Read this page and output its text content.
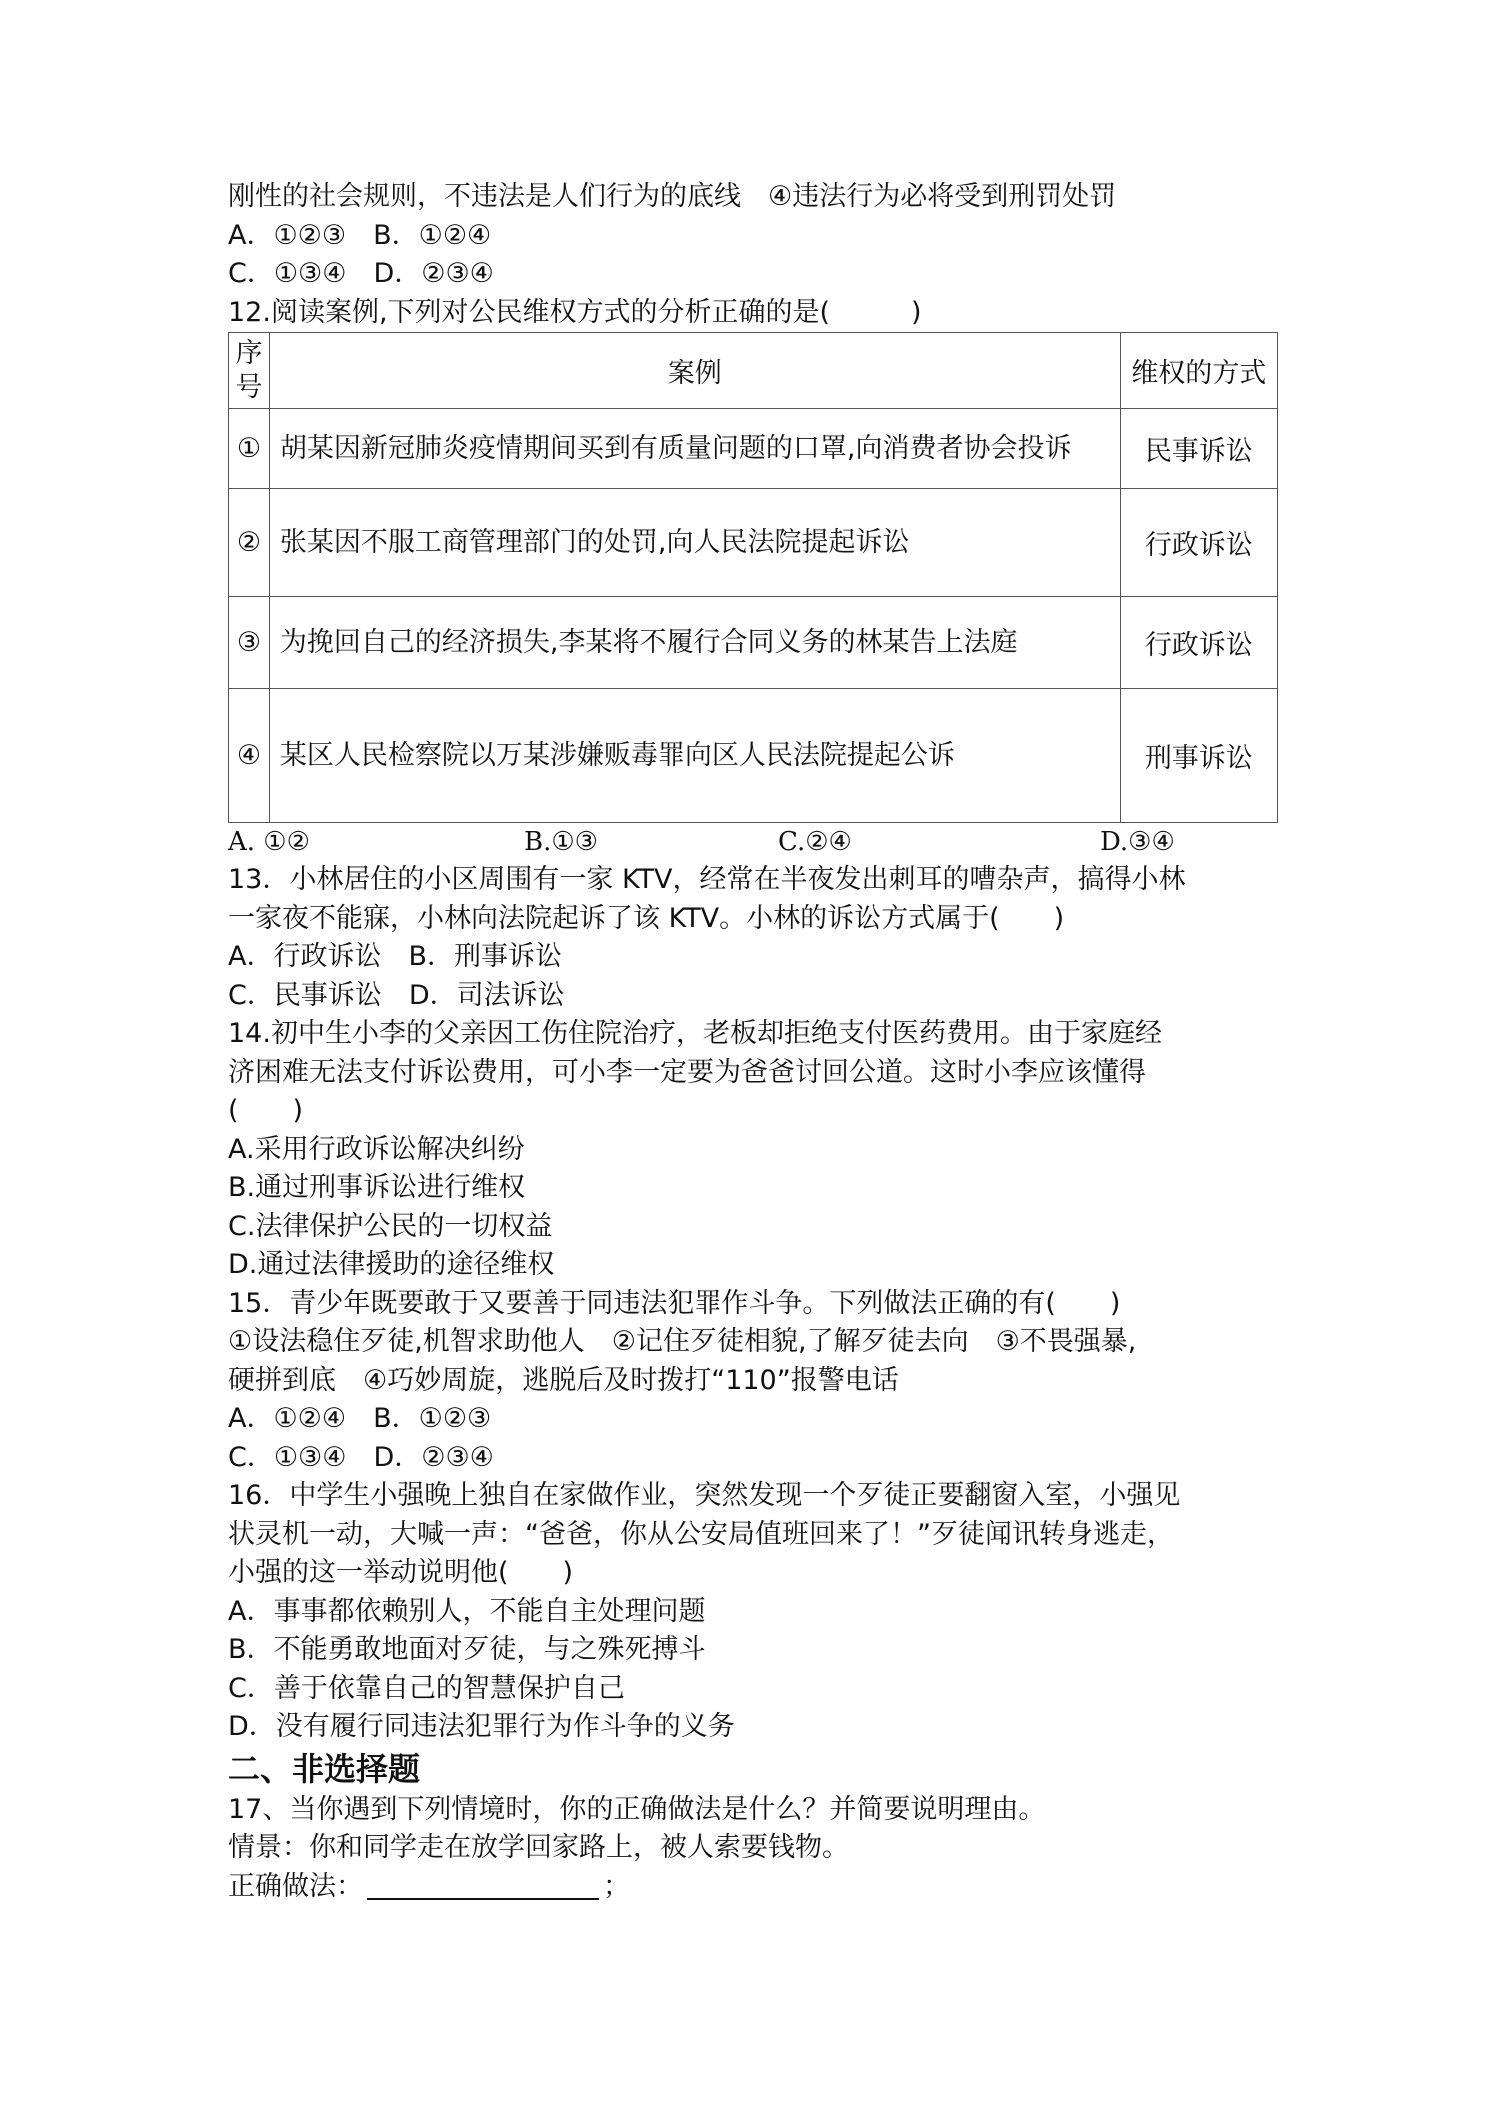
刚性的社会规则，不违法是人们行为的底线　④违法行为必将受到刑罚处罚
A．①②③　B．①②④
C．①③④　D．②③④
12.阅读案例,下列对公民维权方式的分析正确的是(　　　)
序号	案例	维权的方式
①	胡某因新冠肺炎疫情期间买到有质量问题的口罩,向消费者协会投诉	民事诉讼
②	张某因不服工商管理部门的处罚,向人民法院提起诉讼	行政诉讼
③	为挽回自己的经济损失,李某将不履行合同义务的林某告上法庭	行政诉讼
④	某区人民检察院以万某涉嫌贩毒罪向区人民法院提起公诉	刑事诉讼
A. ①②	B.①③	C.②④	D.③④
13．小林居住的小区周围有一家 KTV，经常在半夜发出刺耳的嘈杂声，搞得小林
一家夜不能寐，小林向法院起诉了该 KTV。小林的诉讼方式属于(　　)
A．行政诉讼　B．刑事诉讼
C．民事诉讼　D．司法诉讼
14.初中生小李的父亲因工伤住院治疗，老板却拒绝支付医药费用。由于家庭经
济困难无法支付诉讼费用，可小李一定要为爸爸讨回公道。这时小李应该懂得
(　　)
A.采用行政诉讼解决纠纷
B.通过刑事诉讼进行维权
C.法律保护公民的一切权益
D.通过法律援助的途径维权
15．青少年既要敢于又要善于同违法犯罪作斗争。下列做法正确的有(　　)
①设法稳住歹徒,机智求助他人　②记住歹徒相貌,了解歹徒去向　③不畏强暴,
硬拼到底　④巧妙周旋，逃脱后及时拨打“110”报警电话
A．①②④　B．①②③
C．①③④　D．②③④
16．中学生小强晚上独自在家做作业，突然发现一个歹徒正要翻窗入室，小强见
状灵机一动，大喊一声：“爸爸，你从公安局值班回来了！”歹徒闻讯转身逃走，
小强的这一举动说明他(　　)
A．事事都依赖别人，不能自主处理问题
B．不能勇敢地面对歹徒，与之殊死搏斗
C．善于依靠自己的智慧保护自己
D．没有履行同违法犯罪行为作斗争的义务
二、非选择题
17、当你遇到下列情境时，你的正确做法是什么？并简要说明理由。
情景：你和同学走在放学回家路上，被人索要钱物。
正确做法：	；
